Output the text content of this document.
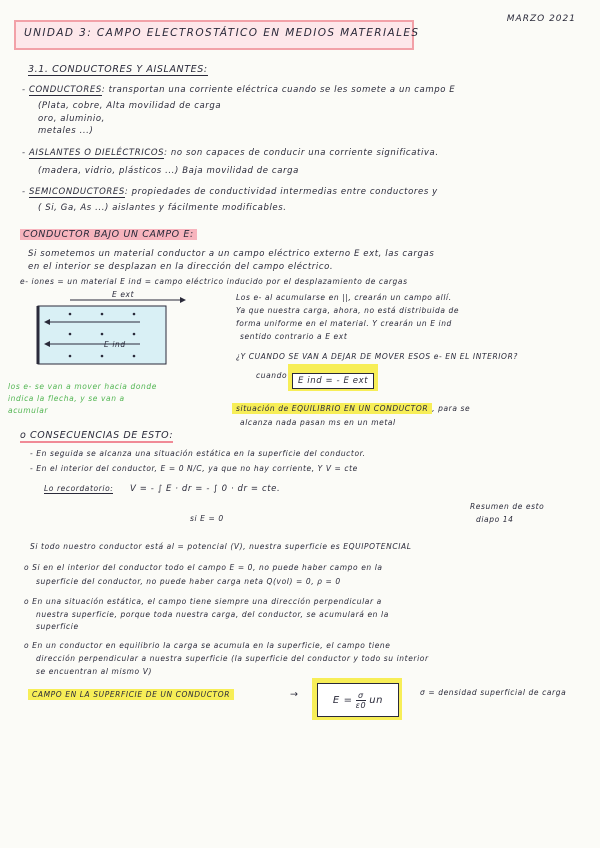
UNIDAD 3: CAMPO ELECTROSTÁTICO EN MEDIOS MATERIALES
MARZO 2021
3.1. CONDUCTORES Y AISLANTES:
- CONDUCTORES: transportan una corriente eléctrica cuando se les somete a un campo E
(Plata, cobre, Alta movilidad de carga
oro, aluminio,
metales ...)
- AISLANTES O DIELÉCTRICOS: no son capaces de conducir una corriente significativa.
(madera, vidrio, plásticos ...) Baja movilidad de carga
- SEMICONDUCTORES: propiedades de conductividad intermedias entre conductores y
( Si, Ga, As ...) aislantes y fácilmente modificables.
CONDUCTOR BAJO UN CAMPO E:
Si sometemos un material conductor a un campo eléctrico externo E ext, las cargas
en el interior se desplazan en la dirección del campo eléctrico.
e- iones = un material E ind = campo eléctrico inducido por el desplazamiento de cargas
E ext
E ind
los e- se van a mover hacia donde
indica la flecha, y se van a
acumular
Los e- al acumularse en ||, crearán un campo allí.
Ya que nuestra carga, ahora, no está distribuida de
forma uniforme en el material. Y crearán un E ind
sentido contrario a E ext
¿Y CUANDO SE VAN A DEJAR DE MOVER ESOS e- EN EL INTERIOR?
cuando
E ind = - E ext
situación de EQUILIBRIO EN UN CONDUCTOR , para se
alcanza nada pasan ms en un metal
o CONSECUENCIAS DE ESTO:
- En seguida se alcanza una situación estática en la superficie del conductor.
- En el interior del conductor, E = 0 N/C, ya que no hay corriente, Y V = cte
Lo recordatorio: V = - ∫ E · dr = - ∫ 0 · dr = cte.
si E = 0
Resumen de esto
diapo 14
Si todo nuestro conductor está al = potencial (V), nuestra superficie es EQUIPOTENCIAL
o Si en el interior del conductor todo el campo E = 0, no puede haber campo en la
superficie del conductor, no puede haber carga neta Q(vol) = 0, ρ = 0
o En una situación estática, el campo tiene siempre una dirección perpendicular a
nuestra superficie, porque toda nuestra carga, del conductor, se acumulará en la
superficie
o En un conductor en equilibrio la carga se acumula en la superficie, el campo tiene
dirección perpendicular a nuestra superficie (la superficie del conductor y todo su interior
se encuentran al mismo V)
CAMPO EN LA SUPERFICIE DE UN CONDUCTOR	→	$E = \frac{\sigma}{\varepsilon 0}$ un
σ = densidad superficial de carga
